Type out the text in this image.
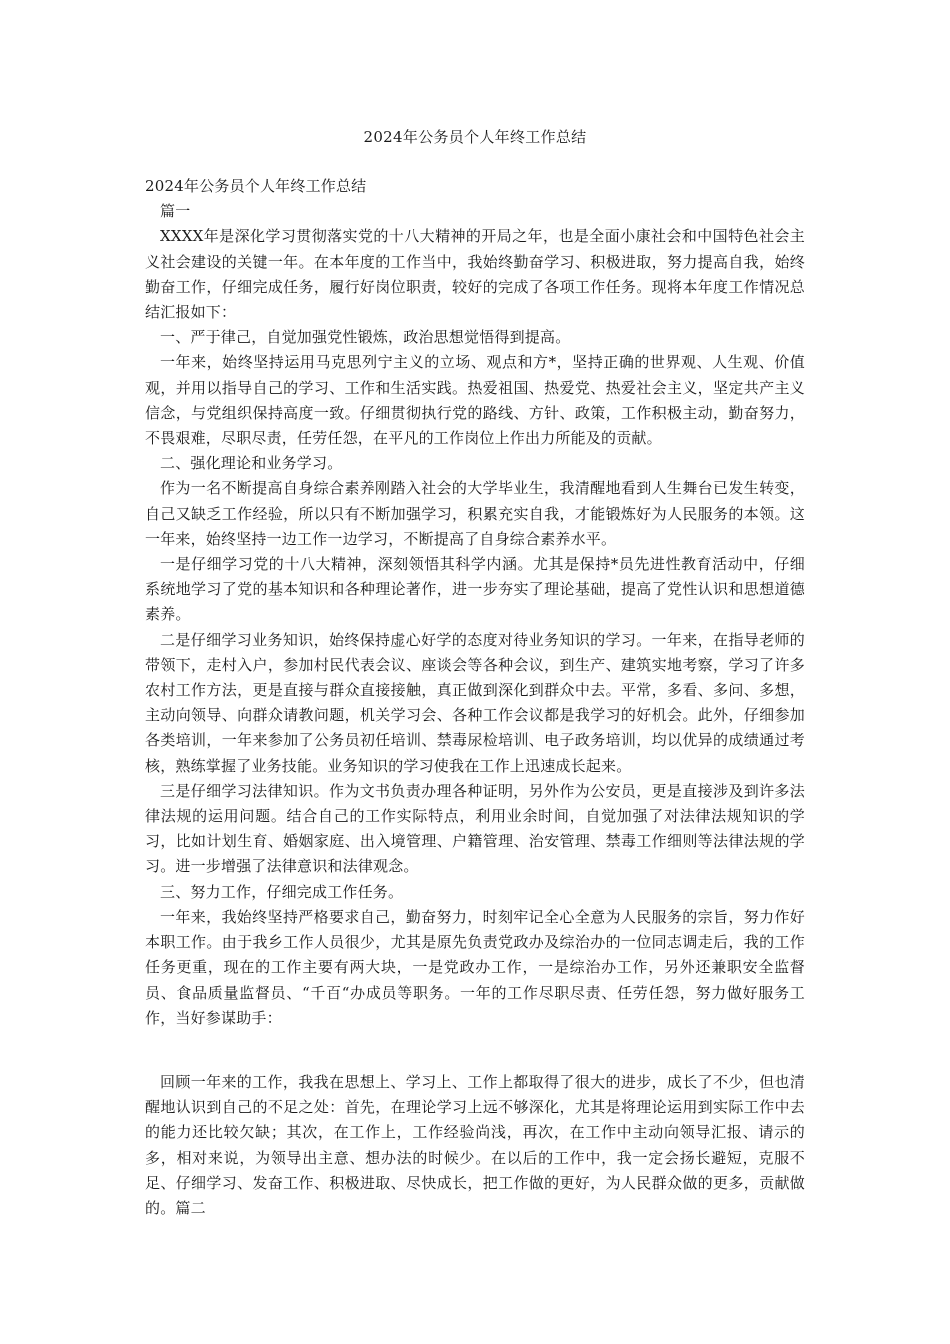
2024年公务员个人年终工作总结

2024年公务员个人年终工作总结

篇一

XXXX年是深化学习贯彻落实党的十八大精神的开局之年，也是全面小康社会和中国特色社会主义社会建设的关键一年。在本年度的工作当中，我始终勤奋学习、积极进取，努力提高自我，始终勤奋工作，仔细完成任务，履行好岗位职责，较好的完成了各项工作任务。现将本年度工作情况总结汇报如下：

一、严于律己，自觉加强党性锻炼，政治思想觉悟得到提高。

一年来，始终坚持运用马克思列宁主义的立场、观点和方*，坚持正确的世界观、人生观、价值观，并用以指导自己的学习、工作和生活实践。热爱祖国、热爱党、热爱社会主义，坚定共产主义信念，与党组织保持高度一致。仔细贯彻执行党的路线、方针、政策，工作积极主动，勤奋努力，不畏艰难，尽职尽责，任劳任怨，在平凡的工作岗位上作出力所能及的贡献。

二、强化理论和业务学习。

作为一名不断提高自身综合素养刚踏入社会的大学毕业生，我清醒地看到人生舞台已发生转变，自己又缺乏工作经验，所以只有不断加强学习，积累充实自我，才能锻炼好为人民服务的本领。这一年来，始终坚持一边工作一边学习，不断提高了自身综合素养水平。

一是仔细学习党的十八大精神，深刻领悟其科学内涵。尤其是保持*员先进性教育活动中，仔细系统地学习了党的基本知识和各种理论著作，进一步夯实了理论基础，提高了党性认识和思想道德素养。

二是仔细学习业务知识，始终保持虚心好学的态度对待业务知识的学习。一年来，在指导老师的带领下，走村入户，参加村民代表会议、座谈会等各种会议，到生产、建筑实地考察，学习了许多农村工作方法，更是直接与群众直接接触，真正做到深化到群众中去。平常，多看、多问、多想，主动向领导、向群众请教问题，机关学习会、各种工作会议都是我学习的好机会。此外，仔细参加各类培训，一年来参加了公务员初任培训、禁毒尿检培训、电子政务培训，均以优异的成绩通过考核，熟练掌握了业务技能。业务知识的学习使我在工作上迅速成长起来。

三是仔细学习法律知识。作为文书负责办理各种证明，另外作为公安员，更是直接涉及到许多法律法规的运用问题。结合自己的工作实际特点，利用业余时间，自觉加强了对法律法规知识的学习，比如计划生育、婚姻家庭、出入境管理、户籍管理、治安管理、禁毒工作细则等法律法规的学习。进一步增强了法律意识和法律观念。

三、努力工作，仔细完成工作任务。

一年来，我始终坚持严格要求自己，勤奋努力，时刻牢记全心全意为人民服务的宗旨，努力作好本职工作。由于我乡工作人员很少，尤其是原先负责党政办及综治办的一位同志调走后，我的工作任务更重，现在的工作主要有两大块，一是党政办工作，一是综治办工作，另外还兼职安全监督员、食品质量监督员、“千百“办成员等职务。一年的工作尽职尽责、任劳任怨，努力做好服务工作，当好参谋助手：

回顾一年来的工作，我我在思想上、学习上、工作上都取得了很大的进步，成长了不少，但也清醒地认识到自己的不足之处：首先，在理论学习上远不够深化，尤其是将理论运用到实际工作中去的能力还比较欠缺；其次，在工作上，工作经验尚浅，再次，在工作中主动向领导汇报、请示的多，相对来说，为领导出主意、想办法的时候少。在以后的工作中，我一定会扬长避短，克服不足、仔细学习、发奋工作、积极进取、尽快成长，把工作做的更好，为人民群众做的更多，贡献做的。篇二
